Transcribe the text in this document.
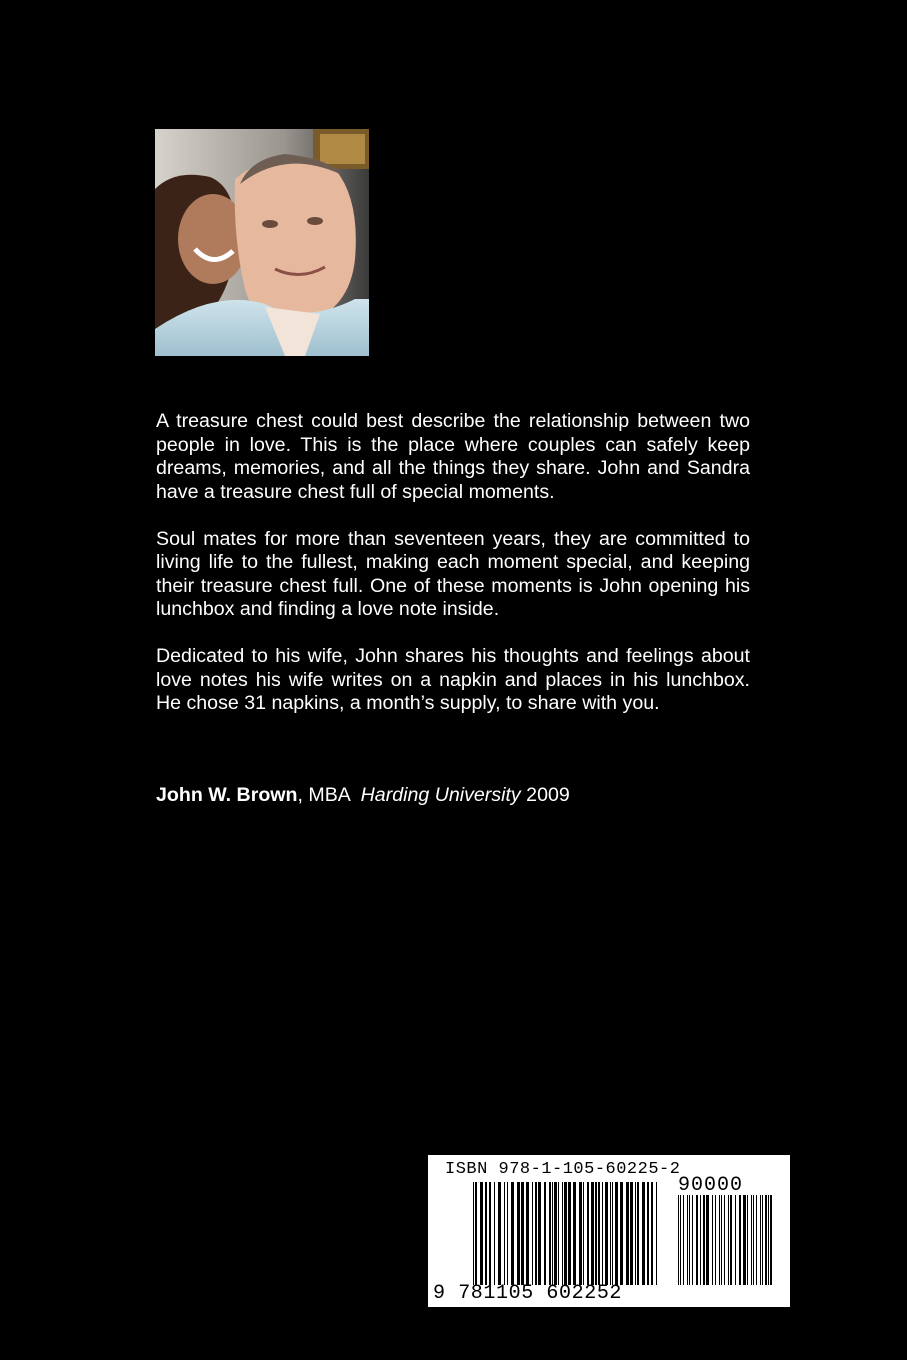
A treasure chest could best describe the relationship between two people in love. This is the place where couples can safely keep dreams, memories, and all the things they share. John and Sandra have a treasure chest full of special moments.

Soul mates for more than seventeen years, they are committed to living life to the fullest, making each moment special, and keeping their treasure chest full. One of these moments is John opening his lunchbox and finding a love note inside.

Dedicated to his wife, John shares his thoughts and feelings about love notes his wife writes on a napkin and places in his lunchbox. He chose 31 napkins, a month’s supply, to share with you.

John W. Brown, MBA  Harding University 2009
ISBN 978-1-105-60225-2
90000
9 781105 602252
